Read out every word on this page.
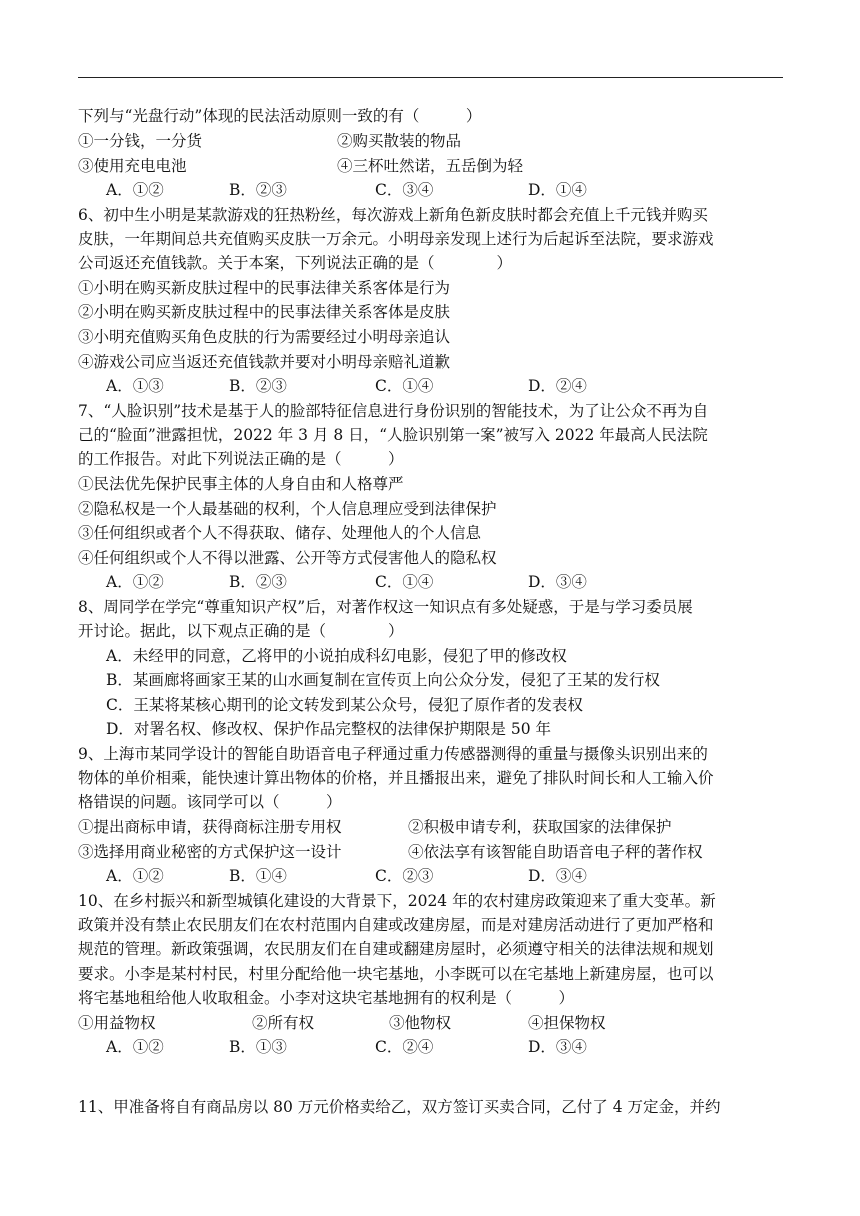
下列与“光盘行动”体现的民法活动原则一致的有（　　　）
①一分钱，一分货	②购买散装的物品
③使用充电电池	④三杯吐然诺，五岳倒为轻
A．①②	B．②③	C．③④	D．①④
6、初中生小明是某款游戏的狂热粉丝，每次游戏上新角色新皮肤时都会充值上千元钱并购买
皮肤，一年期间总共充值购买皮肤一万余元。小明母亲发现上述行为后起诉至法院，要求游戏
公司返还充值钱款。关于本案，下列说法正确的是（　　　　）
①小明在购买新皮肤过程中的民事法律关系客体是行为
②小明在购买新皮肤过程中的民事法律关系客体是皮肤
③小明充值购买角色皮肤的行为需要经过小明母亲追认
④游戏公司应当返还充值钱款并要对小明母亲赔礼道歉
A．①③	B．②③	C．①④	D．②④
7、“人脸识别”技术是基于人的脸部特征信息进行身份识别的智能技术，为了让公众不再为自
己的“脸面”泄露担忧，2022 年 3 月 8 日，“人脸识别第一案”被写入 2022 年最高人民法院
的工作报告。对此下列说法正确的是（　　　）
①民法优先保护民事主体的人身自由和人格尊严
②隐私权是一个人最基础的权利，个人信息理应受到法律保护
③任何组织或者个人不得获取、储存、处理他人的个人信息
④任何组织或个人不得以泄露、公开等方式侵害他人的隐私权
A．①②	B．②③	C．①④	D．③④
8、周同学在学完“尊重知识产权”后，对著作权这一知识点有多处疑惑，于是与学习委员展
开讨论。据此，以下观点正确的是（　　　　）
A．未经甲的同意，乙将甲的小说拍成科幻电影，侵犯了甲的修改权
B．某画廊将画家王某的山水画复制在宣传页上向公众分发，侵犯了王某的发行权
C．王某将某核心期刊的论文转发到某公众号，侵犯了原作者的发表权
D．对署名权、修改权、保护作品完整权的法律保护期限是 50 年
9、上海市某同学设计的智能自助语音电子秤通过重力传感器测得的重量与摄像头识别出来的
物体的单价相乘，能快速计算出物体的价格，并且播报出来，避免了排队时间长和人工输入价
格错误的问题。该同学可以（　　　）
①提出商标申请，获得商标注册专用权	②积极申请专利，获取国家的法律保护
③选择用商业秘密的方式保护这一设计	④依法享有该智能自助语音电子秤的著作权
A．①②	B．①④	C．②③	D．③④
10、在乡村振兴和新型城镇化建设的大背景下，2024 年的农村建房政策迎来了重大变革。新
政策并没有禁止农民朋友们在农村范围内自建或改建房屋，而是对建房活动进行了更加严格和
规范的管理。新政策强调，农民朋友们在自建或翻建房屋时，必须遵守相关的法律法规和规划
要求。小李是某村村民，村里分配给他一块宅基地，小李既可以在宅基地上新建房屋，也可以
将宅基地租给他人收取租金。小李对这块宅基地拥有的权利是（　　　）
①用益物权	②所有权	③他物权	④担保物权
A．①②	B．①③	C．②④	D．③④
11、甲准备将自有商品房以 80 万元价格卖给乙，双方签订买卖合同，乙付了 4 万定金，并约
